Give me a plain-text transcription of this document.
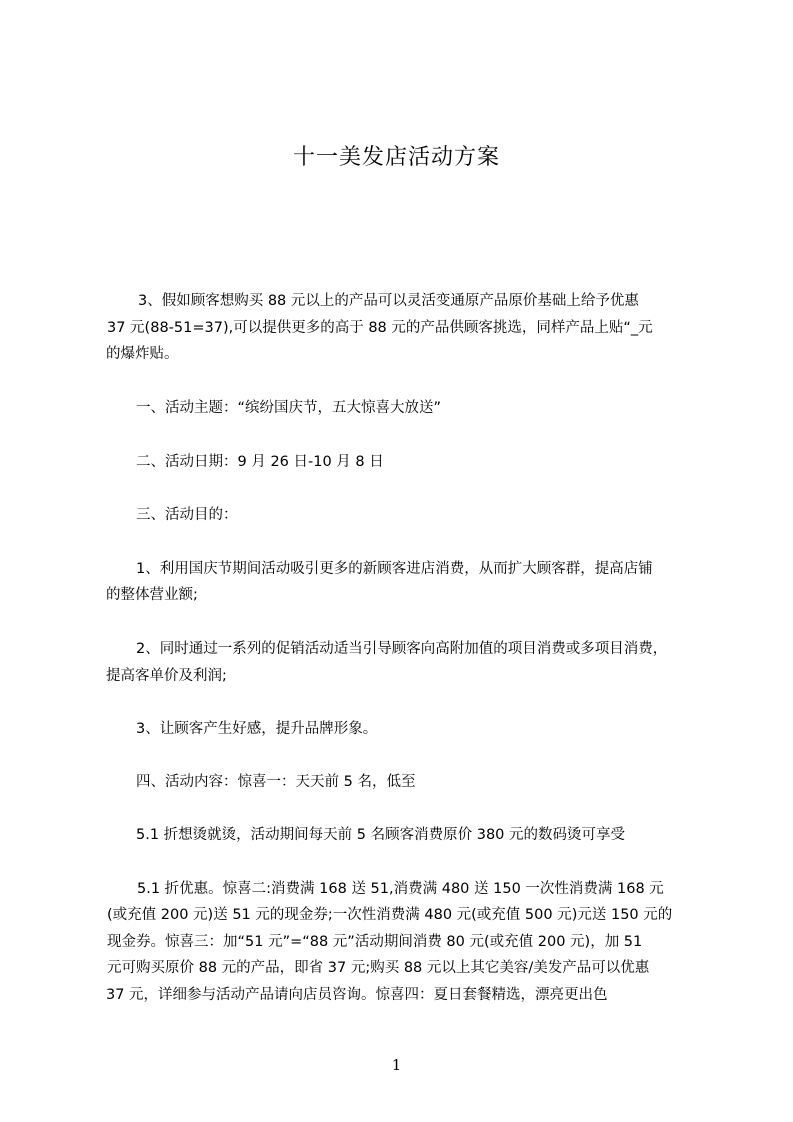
十一美发店活动方案
3、假如顾客想购买 88 元以上的产品可以灵活变通原产品原价基础上给予优惠
37 元(88-51=37),可以提供更多的高于 88 元的产品供顾客挑选，同样产品上贴“_元
的爆炸贴。
一、活动主题：“缤纷国庆节，五大惊喜大放送”
二、活动日期：9 月 26 日-10 月 8 日
三、活动目的：
1、利用国庆节期间活动吸引更多的新顾客进店消费，从而扩大顾客群，提高店铺
的整体营业额;
2、同时通过一系列的促销活动适当引导顾客向高附加值的项目消费或多项目消费，
提高客单价及利润;
3、让顾客产生好感，提升品牌形象。
四、活动内容：惊喜一：天天前 5 名，低至
5.1 折想烫就烫，活动期间每天前 5 名顾客消费原价 380 元的数码烫可享受
5.1 折优惠。惊喜二:消费满 168 送 51,消费满 480 送 150 一次性消费满 168 元
(或充值 200 元)送 51 元的现金券;一次性消费满 480 元(或充值 500 元)元送 150 元的
现金券。惊喜三：加“51 元”=“88 元”活动期间消费 80 元(或充值 200 元)，加 51
元可购买原价 88 元的产品，即省 37 元;购买 88 元以上其它美容/美发产品可以优惠
37 元，详细参与活动产品请向店员咨询。惊喜四：夏日套餐精选，漂亮更出色
1
